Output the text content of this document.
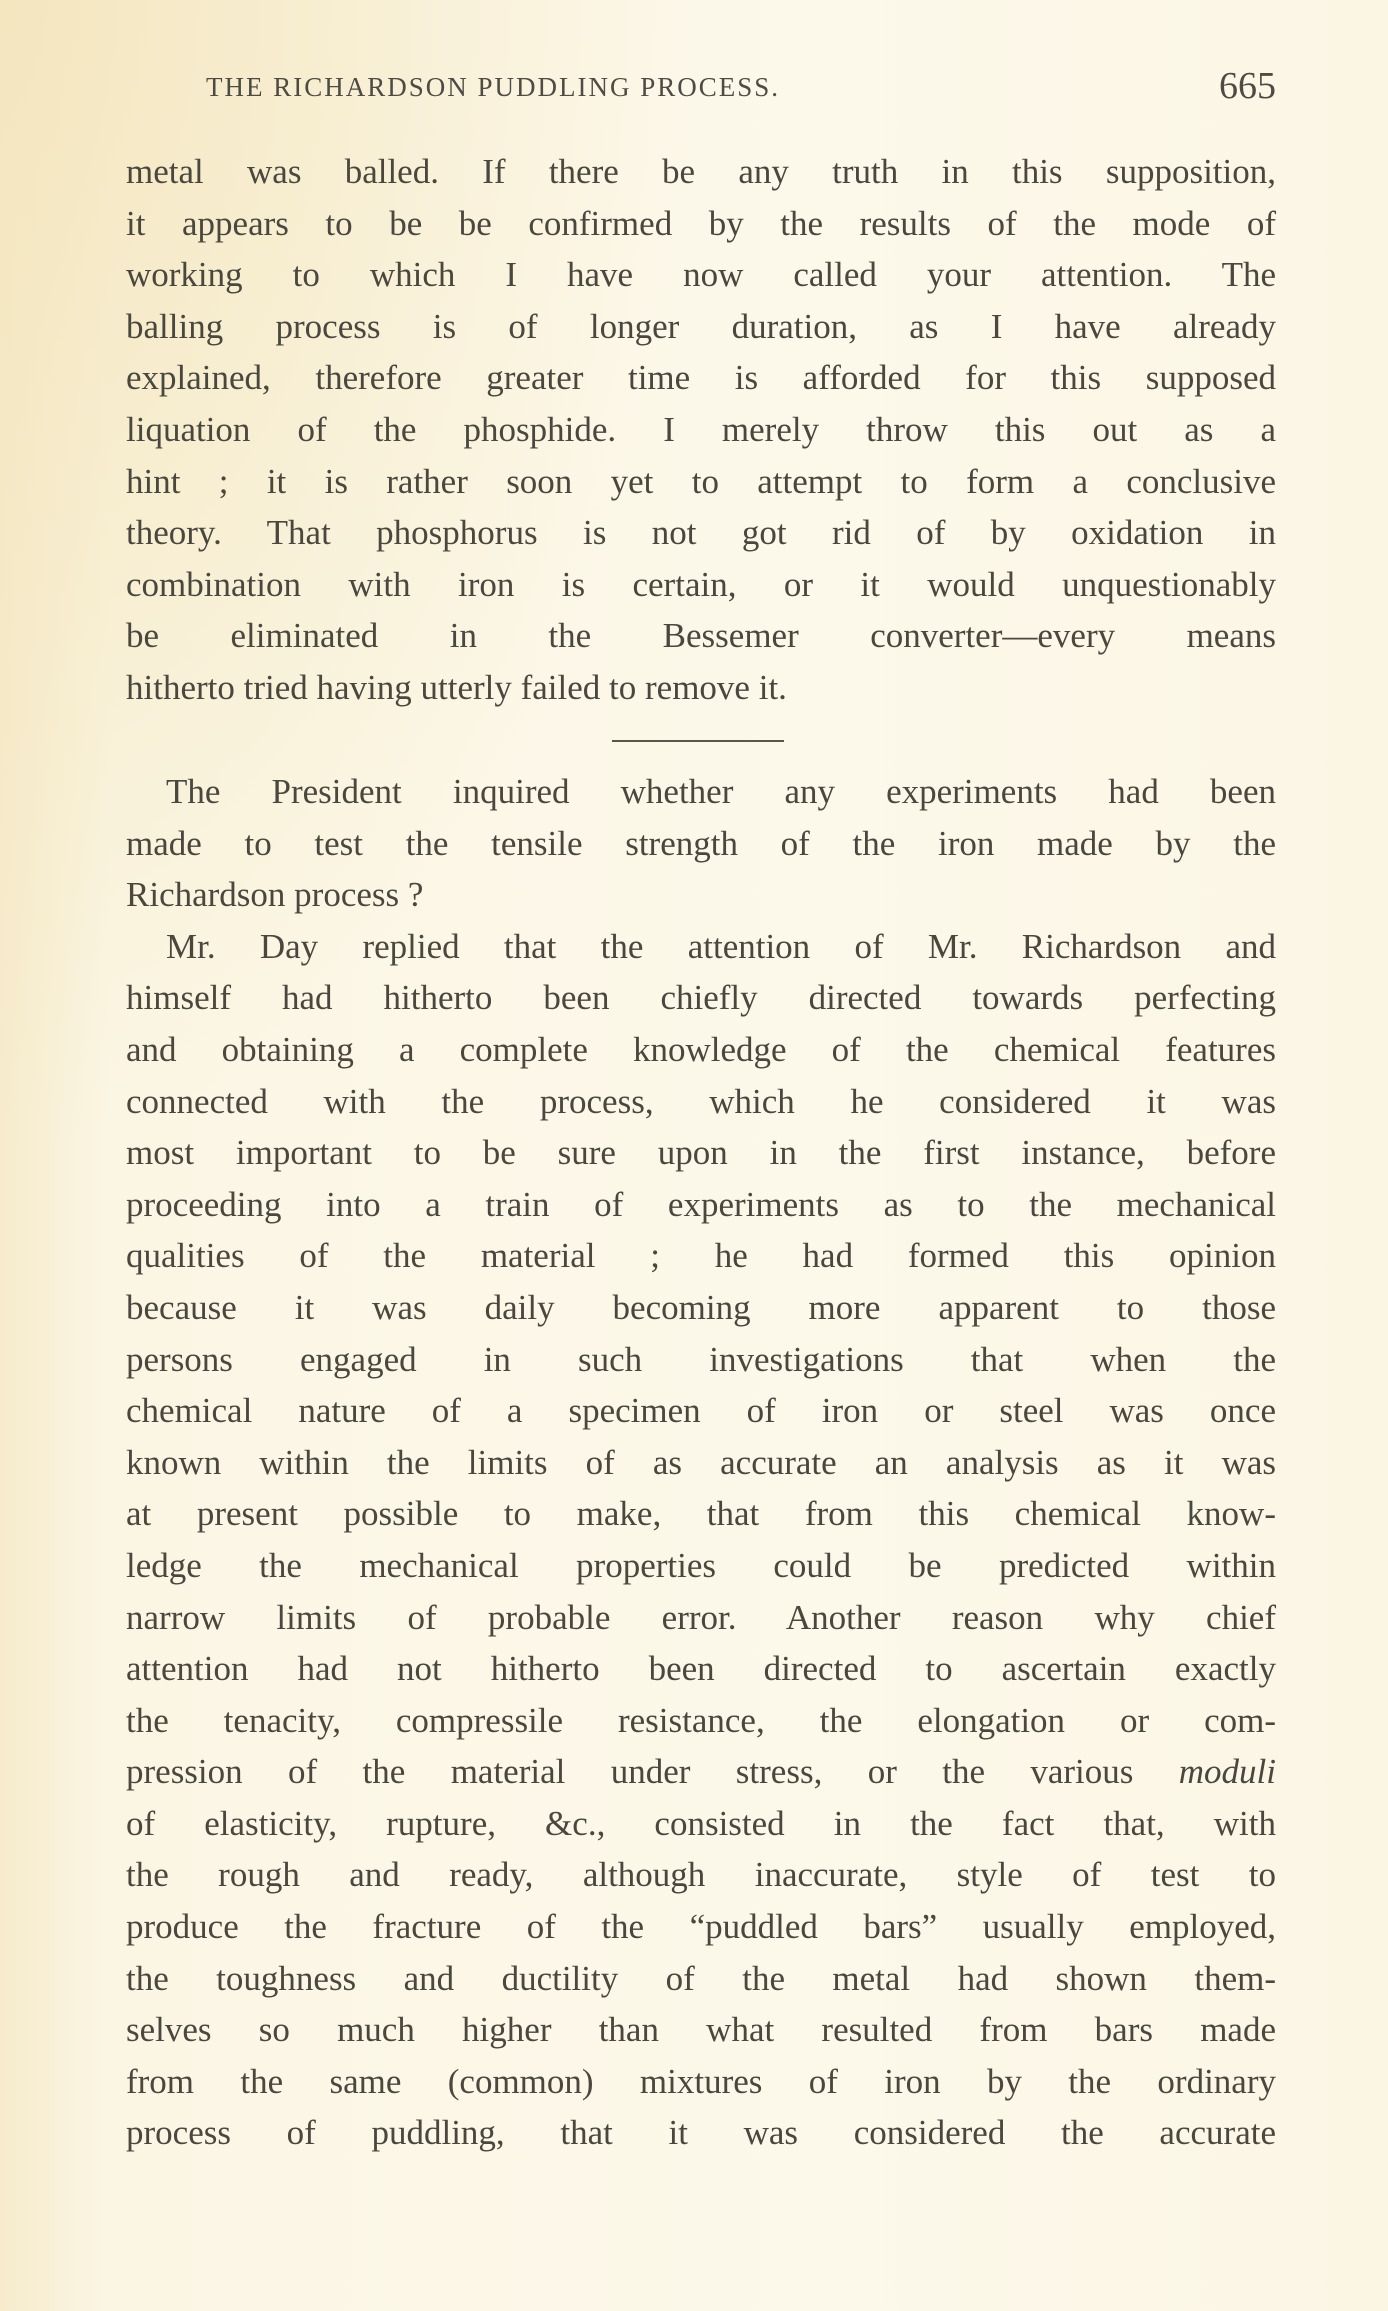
THE RICHARDSON PUDDLING PROCESS.	665
metal was balled. If there be any truth in this supposition,
it appears to be be confirmed by the results of the mode of
working to which I have now called your attention. The
balling process is of longer duration, as I have already
explained, therefore greater time is afforded for this supposed
liquation of the phosphide. I merely throw this out as a
hint ; it is rather soon yet to attempt to form a conclusive
theory. That phosphorus is not got rid of by oxidation in
combination with iron is certain, or it would unquestionably
be eliminated in the Bessemer converter—every means
hitherto tried having utterly failed to remove it.
The President inquired whether any experiments had been
made to test the tensile strength of the iron made by the
Richardson process ?
Mr. Day replied that the attention of Mr. Richardson and
himself had hitherto been chiefly directed towards perfecting
and obtaining a complete knowledge of the chemical features
connected with the process, which he considered it was
most important to be sure upon in the first instance, before
proceeding into a train of experiments as to the mechanical
qualities of the material ; he had formed this opinion
because it was daily becoming more apparent to those
persons engaged in such investigations that when the
chemical nature of a specimen of iron or steel was once
known within the limits of as accurate an analysis as it was
at present possible to make, that from this chemical know-
ledge the mechanical properties could be predicted within
narrow limits of probable error. Another reason why chief
attention had not hitherto been directed to ascertain exactly
the tenacity, compressile resistance, the elongation or com-
pression of the material under stress, or the various moduli
of elasticity, rupture, &c., consisted in the fact that, with
the rough and ready, although inaccurate, style of test to
produce the fracture of the “puddled bars” usually employed,
the toughness and ductility of the metal had shown them-
selves so much higher than what resulted from bars made
from the same (common) mixtures of iron by the ordinary
process of puddling, that it was considered the accurate
